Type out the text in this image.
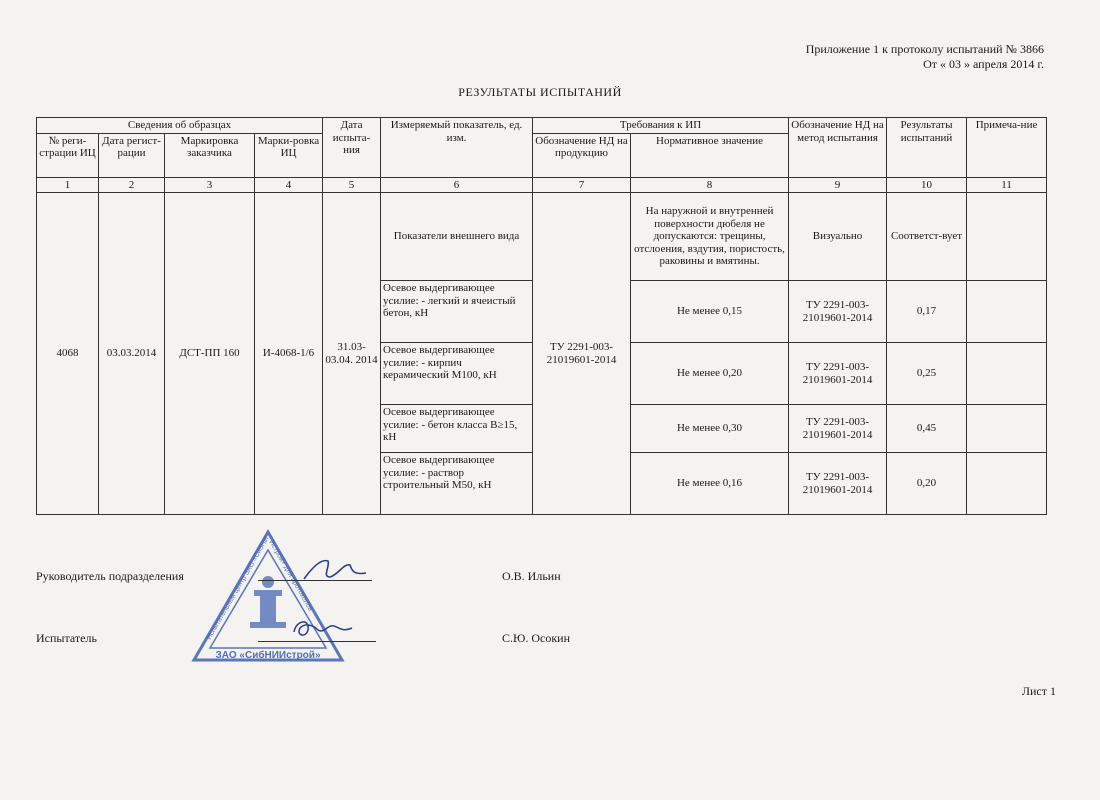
Приложение 1 к протоколу испытаний № 3866
От « 03 » апреля 2014 г.
РЕЗУЛЬТАТЫ ИСПЫТАНИЙ
Сведения об образцах				Дата испыта-ния	Измеряемый показатель, ед. изм.	Требования к ИП		Обозначение НД на метод испытания	Результаты испытаний	Примеча-ние
№ реги-страции ИЦ	Дата регист-рации	Маркировка заказчика	Марки-ровка ИЦ			Обозначение НД на продукцию	Нормативное значение			
1	2	3	4	5	6	7	8	9	10	11
4068	03.03.2014	ДСТ-ПП 160	И-4068-1/6	31.03-03.04. 2014	Показатели внешнего вида	ТУ 2291-003-21019601-2014	На наружной и внутренней поверхности дюбеля не допускаются: трещины, отслоения, вздутия, пористость, раковины и вмятины.	Визуально	Соответст-вует	
					Осевое выдергивающее усилие: - легкий и ячеистый бетон, кН		Не менее 0,15	ТУ 2291-003-21019601-2014	0,17	
					Осевое выдергивающее усилие: - кирпич керамический М100, кН		Не менее 0,20	ТУ 2291-003-21019601-2014	0,25	
					Осевое выдергивающее усилие: - бетон класса В≥15, кН		Не менее 0,30	ТУ 2291-003-21019601-2014	0,45	
					Осевое выдергивающее усилие: - раствор строительный М50, кН		Не менее 0,16	ТУ 2291-003-21019601-2014	0,20	
Испытательный центр ЗАО «СибНИИстрой» для протоколов
ЗАО «СибНИИстрой»
Руководитель подразделения	О.В. Ильин
Испытатель	С.Ю. Осокин
Лист 1
